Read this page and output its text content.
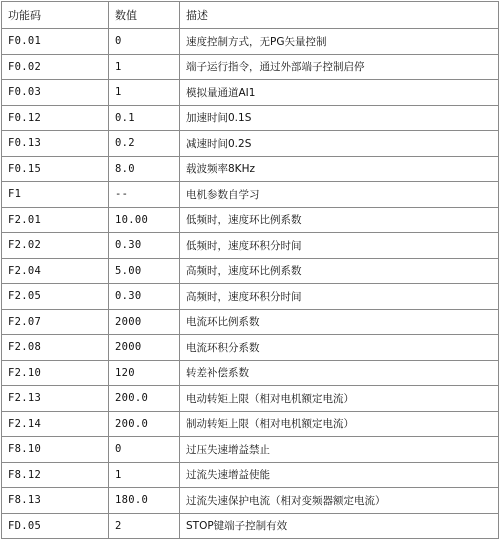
功能码	数值	描述
F0.01	0	速度控制方式，无PG矢量控制
F0.02	1	端子运行指令，通过外部端子控制启停
F0.03	1	模拟量通道AI1
F0.12	0.1	加速时间0.1S
F0.13	0.2	减速时间0.2S
F0.15	8.0	载波频率8KHz
F1	--	电机参数自学习
F2.01	10.00	低频时，速度环比例系数
F2.02	0.30	低频时，速度环积分时间
F2.04	5.00	高频时，速度环比例系数
F2.05	0.30	高频时，速度环积分时间
F2.07	2000	电流环比例系数
F2.08	2000	电流环积分系数
F2.10	120	转差补偿系数
F2.13	200.0	电动转矩上限（相对电机额定电流）
F2.14	200.0	制动转矩上限（相对电机额定电流）
F8.10	0	过压失速增益禁止
F8.12	1	过流失速增益使能
F8.13	180.0	过流失速保护电流（相对变频器额定电流）
FD.05	2	STOP键端子控制有效
